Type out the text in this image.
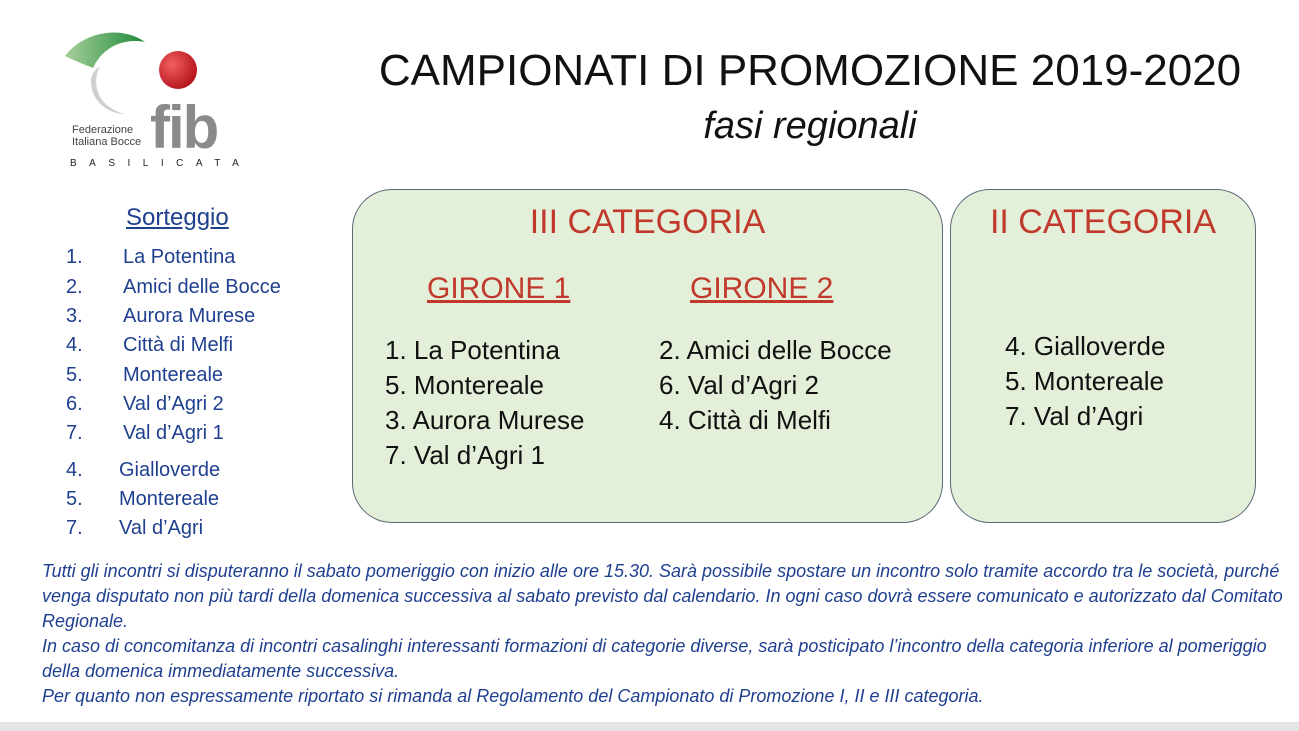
Federazione
Italiana Bocce fib
BASILICATA
CAMPIONATI DI PROMOZIONE 2019-2020
fasi regionali
Sorteggio
1. La Potentina
2. Amici delle Bocce
3. Aurora Murese
4. Città di Melfi
5. Montereale
6. Val d’Agri 2
7. Val d’Agri 1
4. Gialloverde
5. Montereale
7. Val d’Agri
III CATEGORIA
GIRONE 1	GIRONE 2
1. La Potentina
5. Montereale
3. Aurora Murese
7. Val d’Agri 1
2. Amici delle Bocce
6. Val d’Agri 2
4. Città di Melfi
II CATEGORIA
4. Gialloverde
5. Montereale
7. Val d’Agri

Tutti gli incontri si disputeranno il sabato pomeriggio con inizio alle ore 15.30. Sarà possibile spostare un incontro solo tramite accordo tra le società, purché venga disputato non più tardi della domenica successiva al sabato previsto dal calendario. In ogni caso dovrà essere comunicato e autorizzato dal Comitato Regionale.

In caso di concomitanza di incontri casalinghi interessanti formazioni di categorie diverse, sarà posticipato l’incontro della categoria inferiore al pomeriggio della domenica immediatamente successiva.

Per quanto non espressamente riportato si rimanda al Regolamento del Campionato di Promozione I, II e III categoria.
